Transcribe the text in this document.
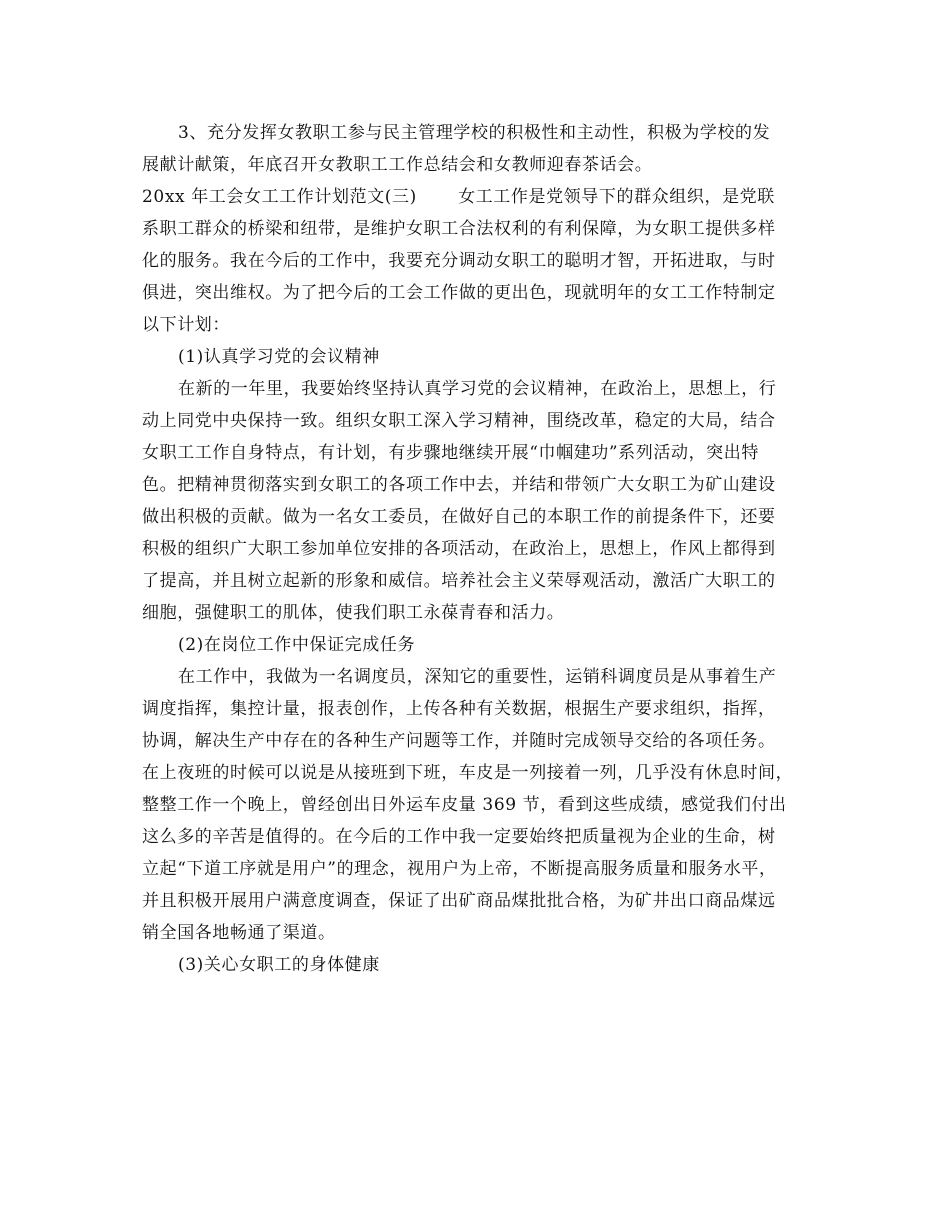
3、充分发挥女教职工参与民主管理学校的积极性和主动性，积极为学校的发
展献计献策，年底召开女教职工工作总结会和女教师迎春茶话会。
20xx 年工会女工工作计划范文(三)　　 女工工作是党领导下的群众组织，是党联
系职工群众的桥梁和纽带，是维护女职工合法权利的有利保障，为女职工提供多样
化的服务。我在今后的工作中，我要充分调动女职工的聪明才智，开拓进取，与时
俱进，突出维权。为了把今后的工会工作做的更出色，现就明年的女工工作特制定
以下计划：
(1)认真学习党的会议精神
在新的一年里，我要始终坚持认真学习党的会议精神，在政治上，思想上，行
动上同党中央保持一致。组织女职工深入学习精神，围绕改革，稳定的大局，结合
女职工工作自身特点，有计划，有步骤地继续开展“巾帼建功”系列活动，突出特
色。把精神贯彻落实到女职工的各项工作中去，并结和带领广大女职工为矿山建设
做出积极的贡献。做为一名女工委员，在做好自己的本职工作的前提条件下，还要
积极的组织广大职工参加单位安排的各项活动，在政治上，思想上，作风上都得到
了提高，并且树立起新的形象和威信。培养社会主义荣辱观活动，激活广大职工的
细胞，强健职工的肌体，使我们职工永葆青春和活力。
(2)在岗位工作中保证完成任务
在工作中，我做为一名调度员，深知它的重要性，运销科调度员是从事着生产
调度指挥，集控计量，报表创作，上传各种有关数据，根据生产要求组织，指挥，
协调，解决生产中存在的各种生产问题等工作，并随时完成领导交给的各项任务。
在上夜班的时候可以说是从接班到下班，车皮是一列接着一列，几乎没有休息时间，
整整工作一个晚上，曾经创出日外运车皮量 369 节，看到这些成绩，感觉我们付出
这么多的辛苦是值得的。在今后的工作中我一定要始终把质量视为企业的生命，树
立起“下道工序就是用户”的理念，视用户为上帝，不断提高服务质量和服务水平，
并且积极开展用户满意度调查，保证了出矿商品煤批批合格，为矿井出口商品煤远
销全国各地畅通了渠道。
(3)关心女职工的身体健康
